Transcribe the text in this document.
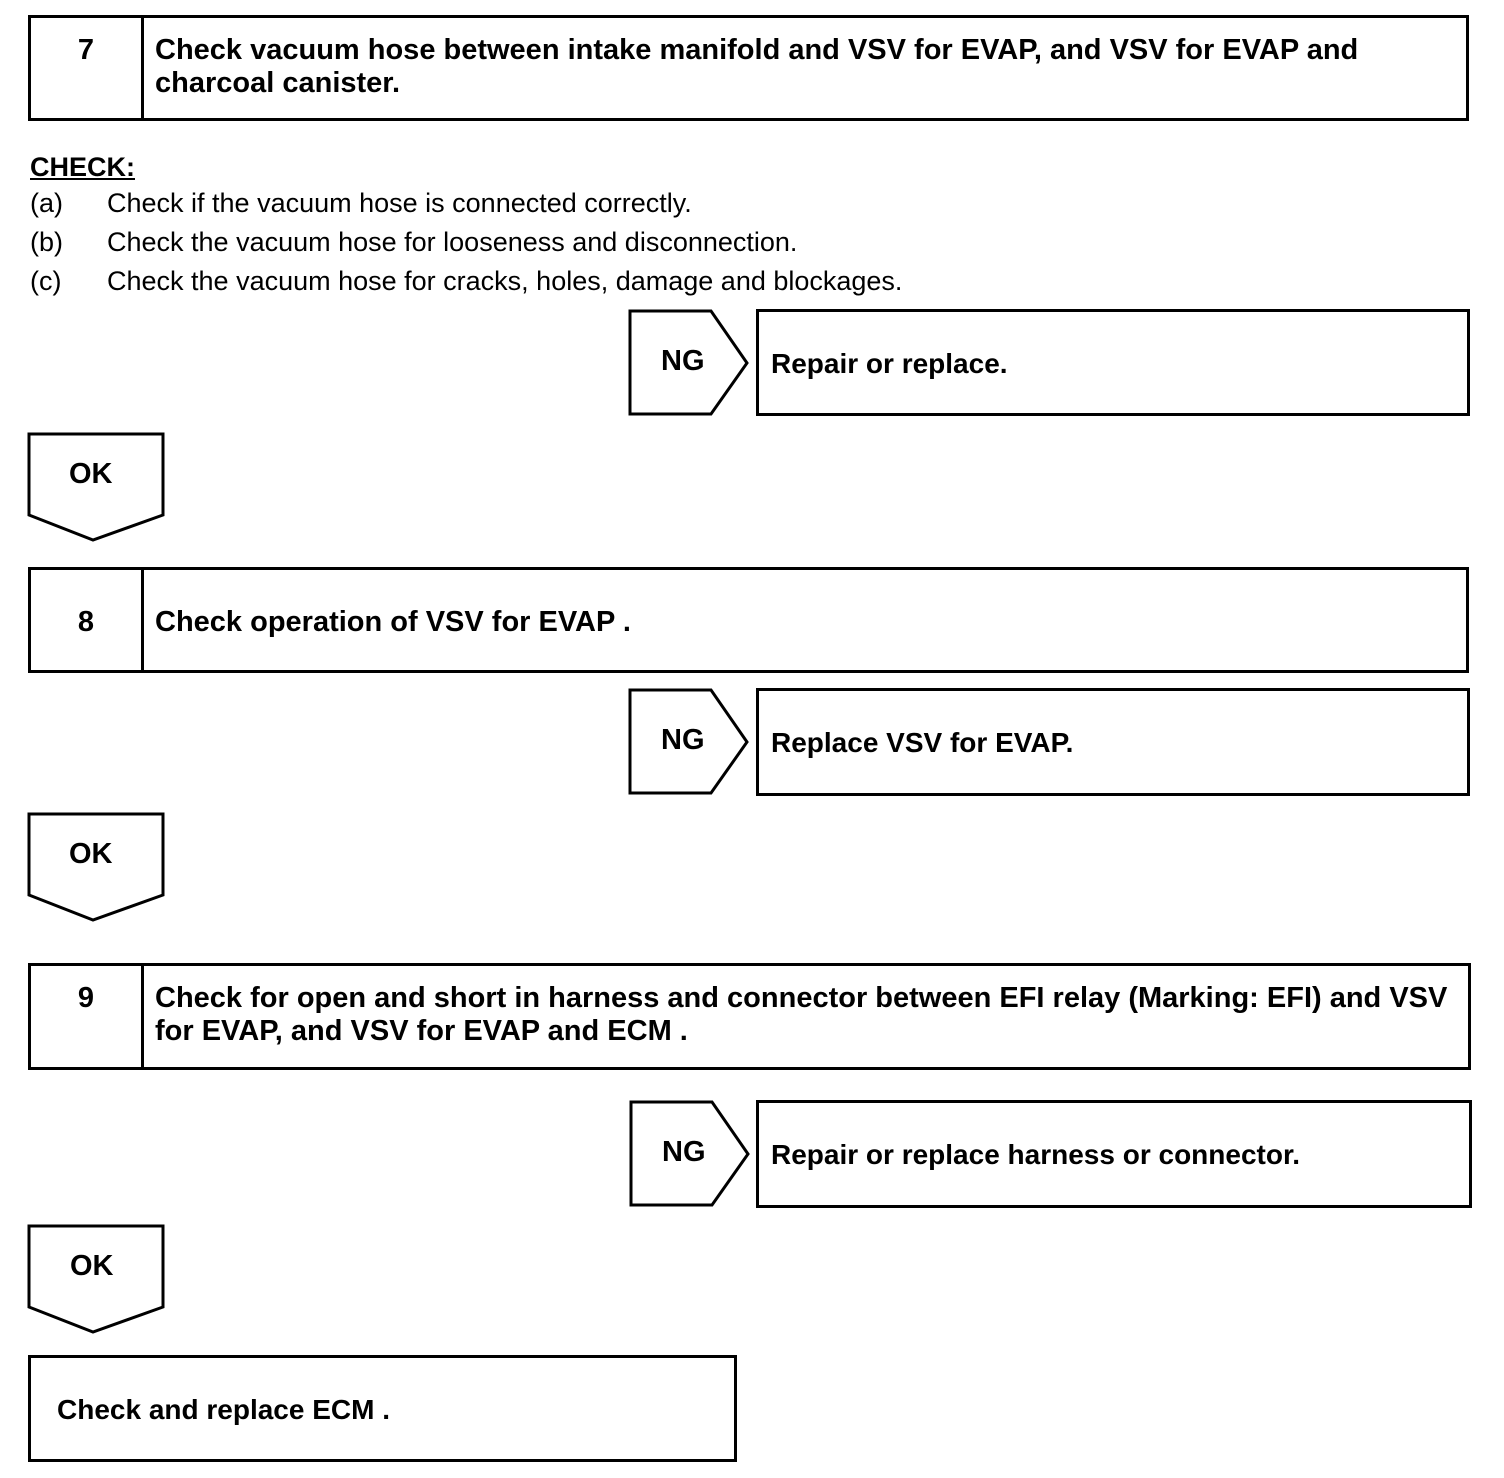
7	Check vacuum hose between intake manifold and VSV for EVAP, and VSV for EVAP and charcoal canister.
CHECK:
(a) Check if the vacuum hose is connected correctly.
(b) Check the vacuum hose for looseness and disconnection.
(c) Check the vacuum hose for cracks, holes, damage and blockages.
NG Repair or replace.
OK
8	Check operation of VSV for EVAP .
NG Replace VSV for EVAP.
OK
9	Check for open and short in harness and connector between EFI relay (Marking: EFI) and VSV for EVAP, and VSV for EVAP and ECM .
NG Repair or replace harness or connector.
OK
Check and replace ECM .
